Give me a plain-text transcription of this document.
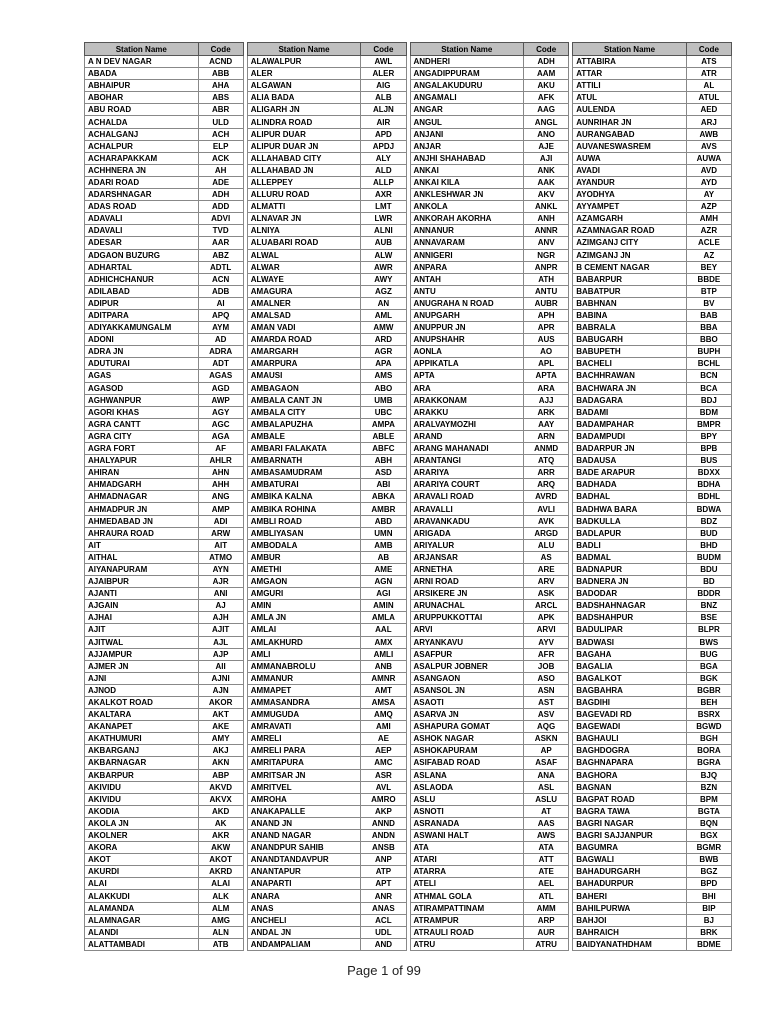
Station Name	Code
A N DEV NAGAR	ACND
ABADA	ABB
ABHAIPUR	AHA
ABOHAR	ABS
ABU ROAD	ABR
ACHALDA	ULD
ACHALGANJ	ACH
ACHALPUR	ELP
ACHARAPAKKAM	ACK
ACHHNERA JN	AH
ADARI ROAD	ADE
ADARSHNAGAR	ADH
ADAS ROAD	ADD
ADAVALI	ADVI
ADAVALI	TVD
ADESAR	AAR
ADGAON BUZURG	ABZ
ADHARTAL	ADTL
ADHICHCHANUR	ACN
ADILABAD	ADB
ADIPUR	AI
ADITPARA	APQ
ADIYAKKAMUNGALM	AYM
ADONI	AD
ADRA JN	ADRA
ADUTURAI	ADT
AGAS	AGAS
AGASOD	AGD
AGHWANPUR	AWP
AGORI KHAS	AGY
AGRA CANTT	AGC
AGRA CITY	AGA
AGRA FORT	AF
AHALYAPUR	AHLR
AHIRAN	AHN
AHMADGARH	AHH
AHMADNAGAR	ANG
AHMADPUR JN	AMP
AHMEDABAD JN	ADI
AHRAURA ROAD	ARW
AIT	AIT
AITHAL	ATMO
AIYANAPURAM	AYN
AJAIBPUR	AJR
AJANTI	ANI
AJGAIN	AJ
AJHAI	AJH
AJIT	AJIT
AJITWAL	AJL
AJJAMPUR	AJP
AJMER JN	AII
AJNI	AJNI
AJNOD	AJN
AKALKOT ROAD	AKOR
AKALTARA	AKT
AKANAPET	AKE
AKATHUMURI	AMY
AKBARGANJ	AKJ
AKBARNAGAR	AKN
AKBARPUR	ABP
AKIVIDU	AKVD
AKIVIDU	AKVX
AKODIA	AKD
AKOLA JN	AK
AKOLNER	AKR
AKORA	AKW
AKOT	AKOT
AKURDI	AKRD
ALAI	ALAI
ALAKKUDI	ALK
ALAMANDA	ALM
ALAMNAGAR	AMG
ALANDI	ALN
ALATTAMBADI	ATB
Station Name	Code
ALAWALPUR	AWL
ALER	ALER
ALGAWAN	AIG
ALIA BADA	ALB
ALIGARH JN	ALJN
ALINDRA ROAD	AIR
ALIPUR DUAR	APD
ALIPUR DUAR JN	APDJ
ALLAHABAD CITY	ALY
ALLAHABAD JN	ALD
ALLEPPEY	ALLP
ALLURU ROAD	AXR
ALMATTI	LMT
ALNAVAR JN	LWR
ALNIYA	ALNI
ALUABARI ROAD	AUB
ALWAL	ALW
ALWAR	AWR
ALWAYE	AWY
AMAGURA	AGZ
AMALNER	AN
AMALSAD	AML
AMAN VADI	AMW
AMARDA ROAD	ARD
AMARGARH	AGR
AMARPURA	APA
AMAUSI	AMS
AMBAGAON	ABO
AMBALA CANT JN	UMB
AMBALA CITY	UBC
AMBALAPUZHA	AMPA
AMBALE	ABLE
AMBARI FALAKATA	ABFC
AMBARNATH	ABH
AMBASAMUDRAM	ASD
AMBATURAI	ABI
AMBIKA KALNA	ABKA
AMBIKA ROHINA	AMBR
AMBLI ROAD	ABD
AMBLIYASAN	UMN
AMBODALA	AMB
AMBUR	AB
AMETHI	AME
AMGAON	AGN
AMGURI	AGI
AMIN	AMIN
AMLA JN	AMLA
AMLAI	AAL
AMLAKHURD	AMX
AMLI	AMLI
AMMANABROLU	ANB
AMMANUR	AMNR
AMMAPET	AMT
AMMASANDRA	AMSA
AMMUGUDA	AMQ
AMRAVATI	AMI
AMRELI	AE
AMRELI PARA	AEP
AMRITAPURA	AMC
AMRITSAR JN	ASR
AMRITVEL	AVL
AMROHA	AMRO
ANAKAPALLE	AKP
ANAND JN	ANND
ANAND NAGAR	ANDN
ANANDPUR SAHIB	ANSB
ANANDTANDAVPUR	ANP
ANANTAPUR	ATP
ANAPARTI	APT
ANARA	ANR
ANAS	ANAS
ANCHELI	ACL
ANDAL JN	UDL
ANDAMPALIAM	AND
Station Name	Code
ANDHERI	ADH
ANGADIPPURAM	AAM
ANGALAKUDURU	AKU
ANGAMALI	AFK
ANGAR	AAG
ANGUL	ANGL
ANJANI	ANO
ANJAR	AJE
ANJHI SHAHABAD	AJI
ANKAI	ANK
ANKAI KILA	AAK
ANKLESHWAR JN	AKV
ANKOLA	ANKL
ANKORAH AKORHA	ANH
ANNANUR	ANNR
ANNAVARAM	ANV
ANNIGERI	NGR
ANPARA	ANPR
ANTAH	ATH
ANTU	ANTU
ANUGRAHA N ROAD	AUBR
ANUPGARH	APH
ANUPPUR JN	APR
ANUPSHAHR	AUS
AONLA	AO
APPIKATLA	APL
APTA	APTA
ARA	ARA
ARAKKONAM	AJJ
ARAKKU	ARK
ARALVAYMOZHI	AAY
ARAND	ARN
ARANG MAHANADI	ANMD
ARANTANGI	ATQ
ARARIYA	ARR
ARARIYA COURT	ARQ
ARAVALI ROAD	AVRD
ARAVALLI	AVLI
ARAVANKADU	AVK
ARIGADA	ARGD
ARIYALUR	ALU
ARJANSAR	AS
ARNETHA	ARE
ARNI ROAD	ARV
ARSIKERE JN	ASK
ARUNACHAL	ARCL
ARUPPUKKOTTAI	APK
ARVI	ARVI
ARYANKAVU	AYV
ASAFPUR	AFR
ASALPUR JOBNER	JOB
ASANGAON	ASO
ASANSOL JN	ASN
ASAOTI	AST
ASARVA JN	ASV
ASHAPURA GOMAT	AQG
ASHOK NAGAR	ASKN
ASHOKAPURAM	AP
ASIFABAD ROAD	ASAF
ASLANA	ANA
ASLAODA	ASL
ASLU	ASLU
ASNOTI	AT
ASRANADA	AAS
ASWANI HALT	AWS
ATA	ATA
ATARI	ATT
ATARRA	ATE
ATELI	AEL
ATHMAL GOLA	ATL
ATIRAMPATTINAM	AMM
ATRAMPUR	ARP
ATRAULI ROAD	AUR
ATRU	ATRU
Station Name	Code
ATTABIRA	ATS
ATTAR	ATR
ATTILI	AL
ATUL	ATUL
AULENDA	AED
AUNRIHAR JN	ARJ
AURANGABAD	AWB
AUVANESWASREM	AVS
AUWA	AUWA
AVADI	AVD
AYANDUR	AYD
AYODHYA	AY
AYYAMPET	AZP
AZAMGARH	AMH
AZAMNAGAR ROAD	AZR
AZIMGANJ CITY	ACLE
AZIMGANJ JN	AZ
B CEMENT NAGAR	BEY
BABARPUR	BBDE
BABATPUR	BTP
BABHNAN	BV
BABINA	BAB
BABRALA	BBA
BABUGARH	BBO
BABUPETH	BUPH
BACHELI	BCHL
BACHHRAWAN	BCN
BACHWARA JN	BCA
BADAGARA	BDJ
BADAMI	BDM
BADAMPAHAR	BMPR
BADAMPUDI	BPY
BADARPUR JN	BPB
BADAUSA	BUS
BADE ARAPUR	BDXX
BADHADA	BDHA
BADHAL	BDHL
BADHWA BARA	BDWA
BADKULLA	BDZ
BADLAPUR	BUD
BADLI	BHD
BADMAL	BUDM
BADNAPUR	BDU
BADNERA JN	BD
BADODAR	BDDR
BADSHAHNAGAR	BNZ
BADSHAHPUR	BSE
BADULIPAR	BLPR
BADWASI	BWS
BAGAHA	BUG
BAGALIA	BGA
BAGALKOT	BGK
BAGBAHRA	BGBR
BAGDIHI	BEH
BAGEVADI RD	BSRX
BAGEWADI	BGWD
BAGHAULI	BGH
BAGHDOGRA	BORA
BAGHNAPARA	BGRA
BAGHORA	BJQ
BAGNAN	BZN
BAGPAT ROAD	BPM
BAGRA TAWA	BGTA
BAGRI NAGAR	BQN
BAGRI SAJJANPUR	BGX
BAGUMRA	BGMR
BAGWALI	BWB
BAHADURGARH	BGZ
BAHADURPUR	BPD
BAHERI	BHI
BAHILPURWA	BIP
BAHJOI	BJ
BAHRAICH	BRK
BAIDYANATHDHAM	BDME
Page 1 of 99
